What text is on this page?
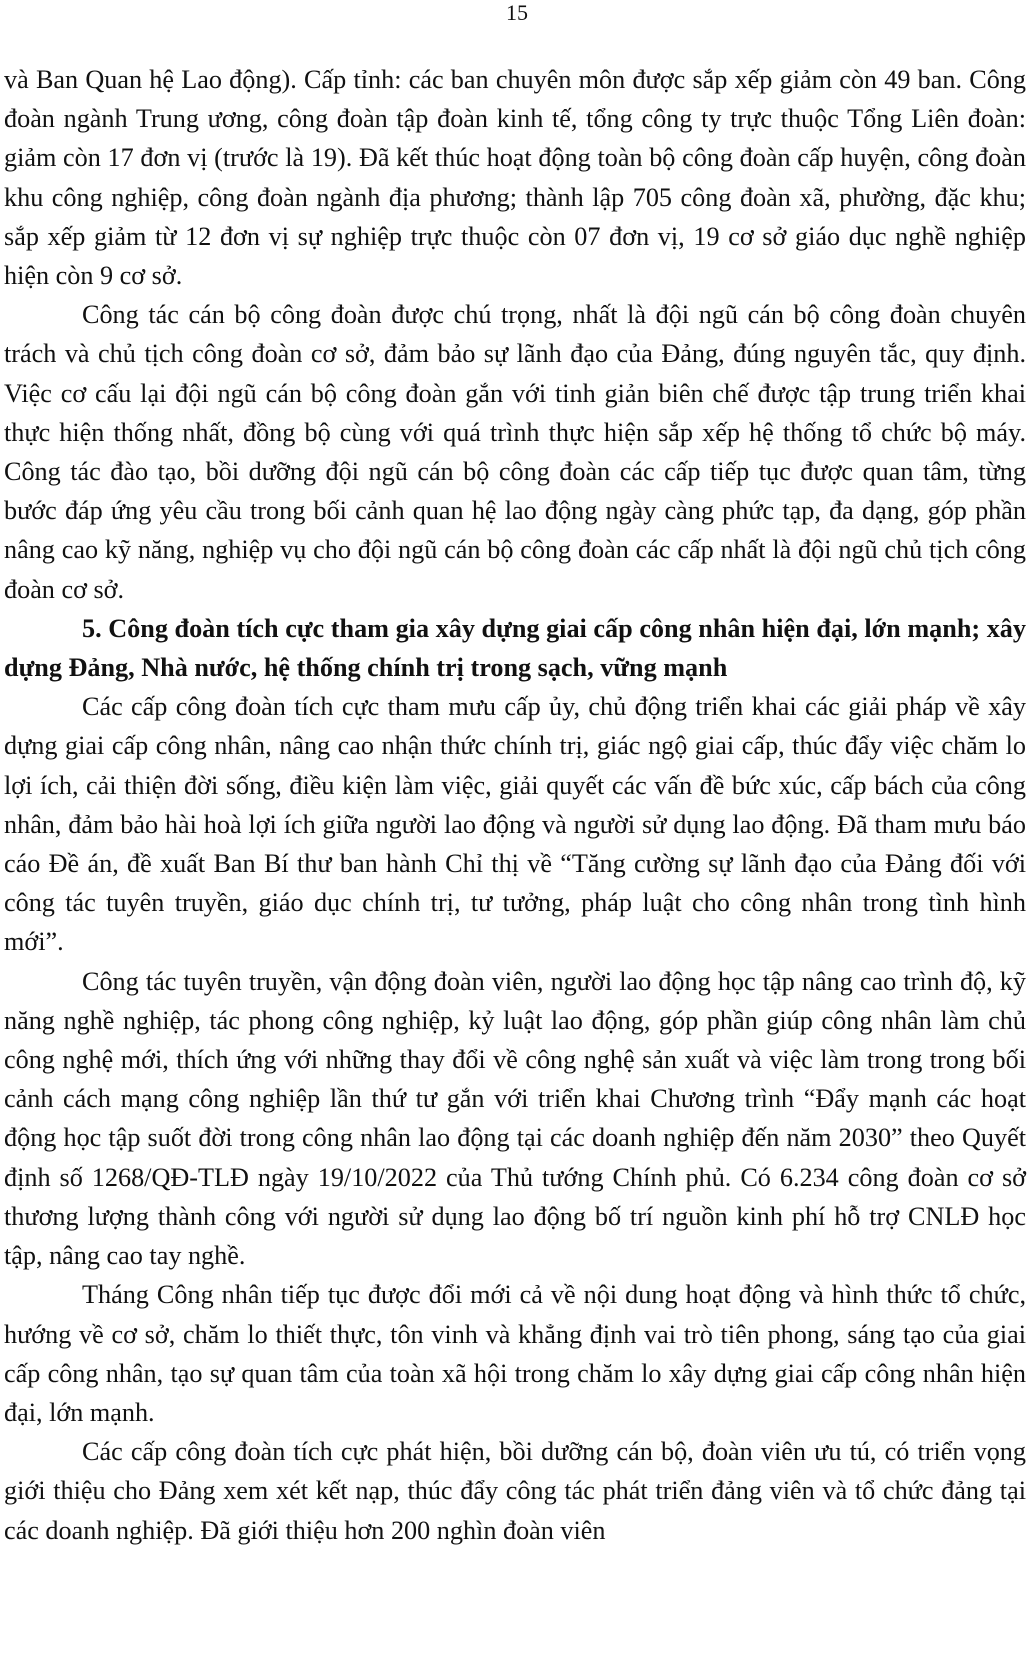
15

và Ban Quan hệ Lao động). Cấp tỉnh: các ban chuyên môn được sắp xếp giảm còn 49 ban. Công đoàn ngành Trung ương, công đoàn tập đoàn kinh tế, tổng công ty trực thuộc Tổng Liên đoàn: giảm còn 17 đơn vị (trước là 19). Đã kết thúc hoạt động toàn bộ công đoàn cấp huyện, công đoàn khu công nghiệp, công đoàn ngành địa phương; thành lập 705 công đoàn xã, phường, đặc khu; sắp xếp giảm từ 12 đơn vị sự nghiệp trực thuộc còn 07 đơn vị, 19 cơ sở giáo dục nghề nghiệp hiện còn 9 cơ sở.

Công tác cán bộ công đoàn được chú trọng, nhất là đội ngũ cán bộ công đoàn chuyên trách và chủ tịch công đoàn cơ sở, đảm bảo sự lãnh đạo của Đảng, đúng nguyên tắc, quy định. Việc cơ cấu lại đội ngũ cán bộ công đoàn gắn với tinh giản biên chế được tập trung triển khai thực hiện thống nhất, đồng bộ cùng với quá trình thực hiện sắp xếp hệ thống tổ chức bộ máy. Công tác đào tạo, bồi dưỡng đội ngũ cán bộ công đoàn các cấp tiếp tục được quan tâm, từng bước đáp ứng yêu cầu trong bối cảnh quan hệ lao động ngày càng phức tạp, đa dạng, góp phần nâng cao kỹ năng, nghiệp vụ cho đội ngũ cán bộ công đoàn các cấp nhất là đội ngũ chủ tịch công đoàn cơ sở.

5. Công đoàn tích cực tham gia xây dựng giai cấp công nhân hiện đại, lớn mạnh; xây dựng Đảng, Nhà nước, hệ thống chính trị trong sạch, vững mạnh

Các cấp công đoàn tích cực tham mưu cấp ủy, chủ động triển khai các giải pháp về xây dựng giai cấp công nhân, nâng cao nhận thức chính trị, giác ngộ giai cấp, thúc đẩy việc chăm lo lợi ích, cải thiện đời sống, điều kiện làm việc, giải quyết các vấn đề bức xúc, cấp bách của công nhân, đảm bảo hài hoà lợi ích giữa người lao động và người sử dụng lao động. Đã tham mưu báo cáo Đề án, đề xuất Ban Bí thư ban hành Chỉ thị về “Tăng cường sự lãnh đạo của Đảng đối với công tác tuyên truyền, giáo dục chính trị, tư tưởng, pháp luật cho công nhân trong tình hình mới”.

Công tác tuyên truyền, vận động đoàn viên, người lao động học tập nâng cao trình độ, kỹ năng nghề nghiệp, tác phong công nghiệp, kỷ luật lao động, góp phần giúp công nhân làm chủ công nghệ mới, thích ứng với những thay đổi về công nghệ sản xuất và việc làm trong trong bối cảnh cách mạng công nghiệp lần thứ tư gắn với triển khai Chương trình “Đẩy mạnh các hoạt động học tập suốt đời trong công nhân lao động tại các doanh nghiệp đến năm 2030” theo Quyết định số 1268/QĐ-TLĐ ngày 19/10/2022 của Thủ tướng Chính phủ. Có 6.234 công đoàn cơ sở thương lượng thành công với người sử dụng lao động bố trí nguồn kinh phí hỗ trợ CNLĐ học tập, nâng cao tay nghề.

Tháng Công nhân tiếp tục được đổi mới cả về nội dung hoạt động và hình thức tổ chức, hướng về cơ sở, chăm lo thiết thực, tôn vinh và khẳng định vai trò tiên phong, sáng tạo của giai cấp công nhân, tạo sự quan tâm của toàn xã hội trong chăm lo xây dựng giai cấp công nhân hiện đại, lớn mạnh.

Các cấp công đoàn tích cực phát hiện, bồi dưỡng cán bộ, đoàn viên ưu tú, có triển vọng giới thiệu cho Đảng xem xét kết nạp, thúc đẩy công tác phát triển đảng viên và tổ chức đảng tại các doanh nghiệp. Đã giới thiệu hơn 200 nghìn đoàn viên
